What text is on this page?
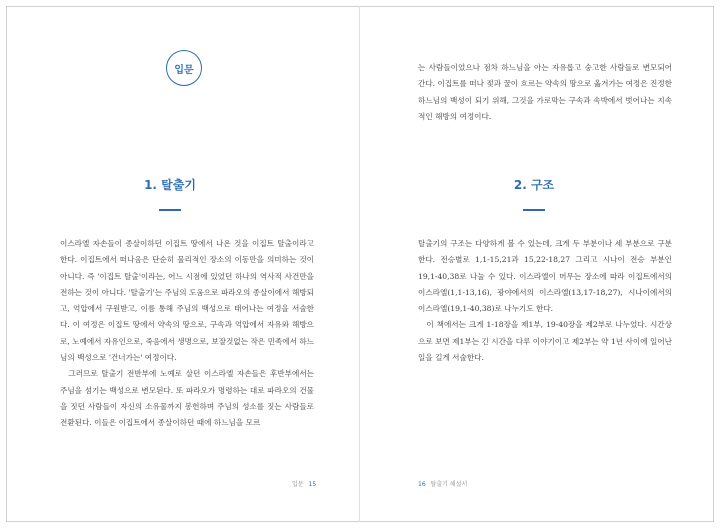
입문
1. 탈출기

이스라엘 자손들이 종살이하던 이집트 땅에서 나온 것을 이집트 탈출이라고 한다. 이집트에서 떠나옴은 단순히 물리적인 장소의 이동만을 의미하는 것이 아니다. 즉 '이집트 탈출'이라는, 어느 시점에 있었던 하나의 역사적 사건만을 전하는 것이 아니다. '탈출기'는 주님의 도움으로 파라오의 종살이에서 해방되고, 억압에서 구원받고, 이름 통해 주님의 백성으로 태어나는 여정을 서술한다. 이 여정은 이집트 땅에서 약속의 땅으로, 구속과 억압에서 자유와 해방으로, 노예에서 자유인으로, 죽음에서 생명으로, 보잘것없는 작은 민족에서 하느님의 백성으로 '건너가는' 여정이다.

그러므로 탈출기 전반부에 노예로 살던 이스라엘 자손들은 후반부에서는 주님을 섬기는 백성으로 변모된다. 또 파라오가 명령하는 대로 파라오의 건물을 짓던 사람들이 자신의 소유물까지 봉헌하며 주님의 성소를 짓는 사람들로 전환된다. 이들은 이집트에서 종살이하던 때에 하느님을 모르

입문 15

는 사람들이었으나 점차 하느님을 아는 자유롭고 숭고한 사람들로 변모되어간다. 이집트를 떠나 젖과 꿀이 흐르는 약속의 땅으로 옮겨가는 여정은 진정한 하느님의 백성이 되기 위해, 그것을 가로막는 구속과 속박에서 벗어나는 지속적인 해방의 여정이다.

2. 구조

탈출기의 구조는 다양하게 볼 수 있는데, 크게 두 부분이나 세 부분으로 구분한다. 전승별로 1,1-15,21과 15,22-18,27 그리고 시나이 전승 부분인 19,1-40,38로 나눌 수 있다. 이스라엘이 머무는 장소에 따라 이집트에서의 이스라엘(1,1-13,16), 광야에서의 이스라엘(13,17-18,27), 시나이에서의 이스라엘(19,1-40,38)로 나누기도 한다.

이 책에서는 크게 1-18장을 제1부, 19-40장을 제2부로 나누었다. 시간상으로 보면 제1부는 긴 시간을 다루 이야기이고 제2부는 약 1년 사이에 일어난 일을 길게 서술한다.

16 탈출기 해설서
